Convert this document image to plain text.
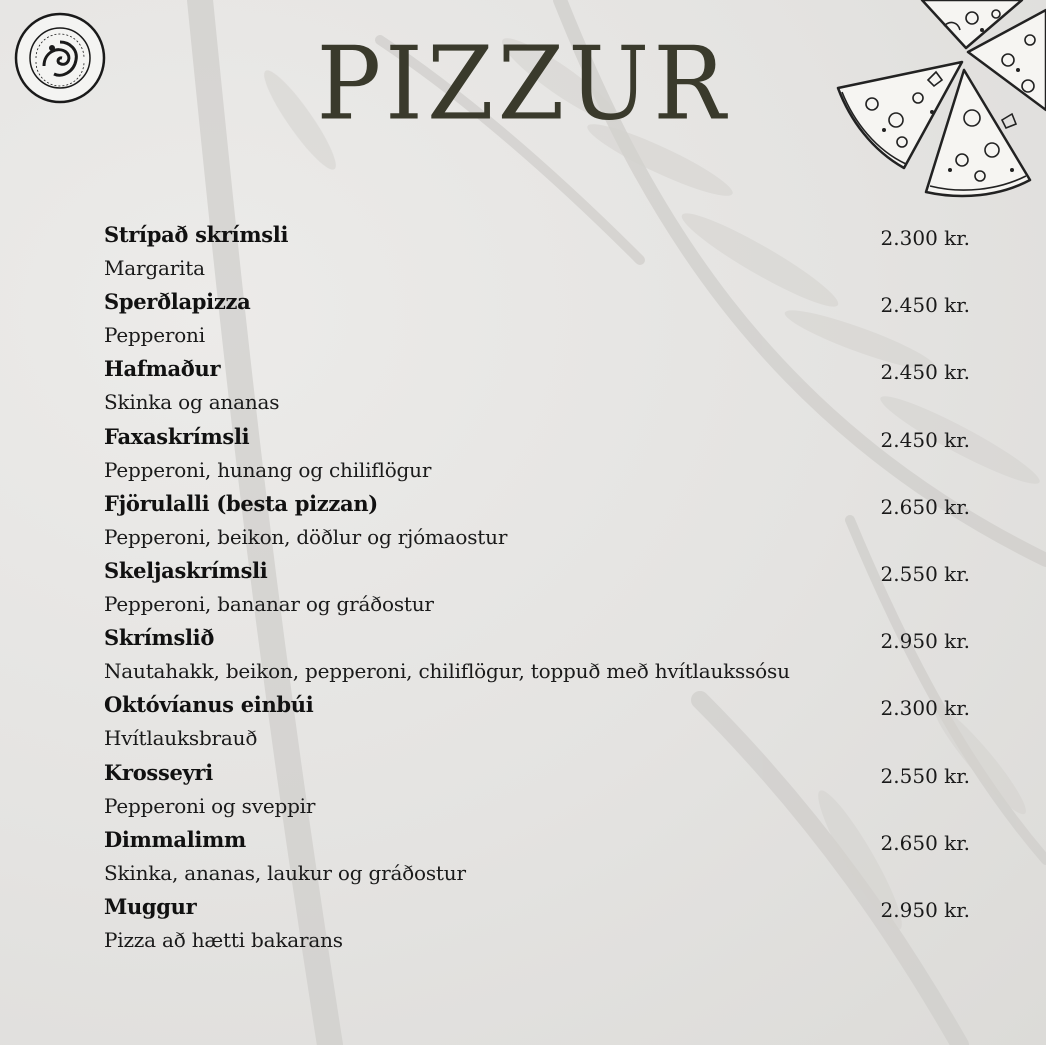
PIZZUR
Strípað skrímsli
Margarita
2.300 kr.
Sperðlapizza
Pepperoni
2.450 kr.
Hafmaður
Skinka og ananas
2.450 kr.
Faxaskrímsli
Pepperoni, hunang og chiliflögur
2.450 kr.
Fjörulalli (besta pizzan)
Pepperoni, beikon, döðlur og rjómaostur
2.650 kr.
Skeljaskrímsli
Pepperoni, bananar og gráðostur
2.550 kr.
Skrímslið
Nautahakk, beikon, pepperoni, chiliflögur, toppuð með hvítlaukssósu
2.950 kr.
Októvíanus einbúi
Hvítlauksbrauð
2.300 kr.
Krosseyri
Pepperoni og sveppir
2.550 kr.
Dimmalimm
Skinka, ananas, laukur og gráðostur
2.650 kr.
Muggur
Pizza að hætti bakarans
2.950 kr.
